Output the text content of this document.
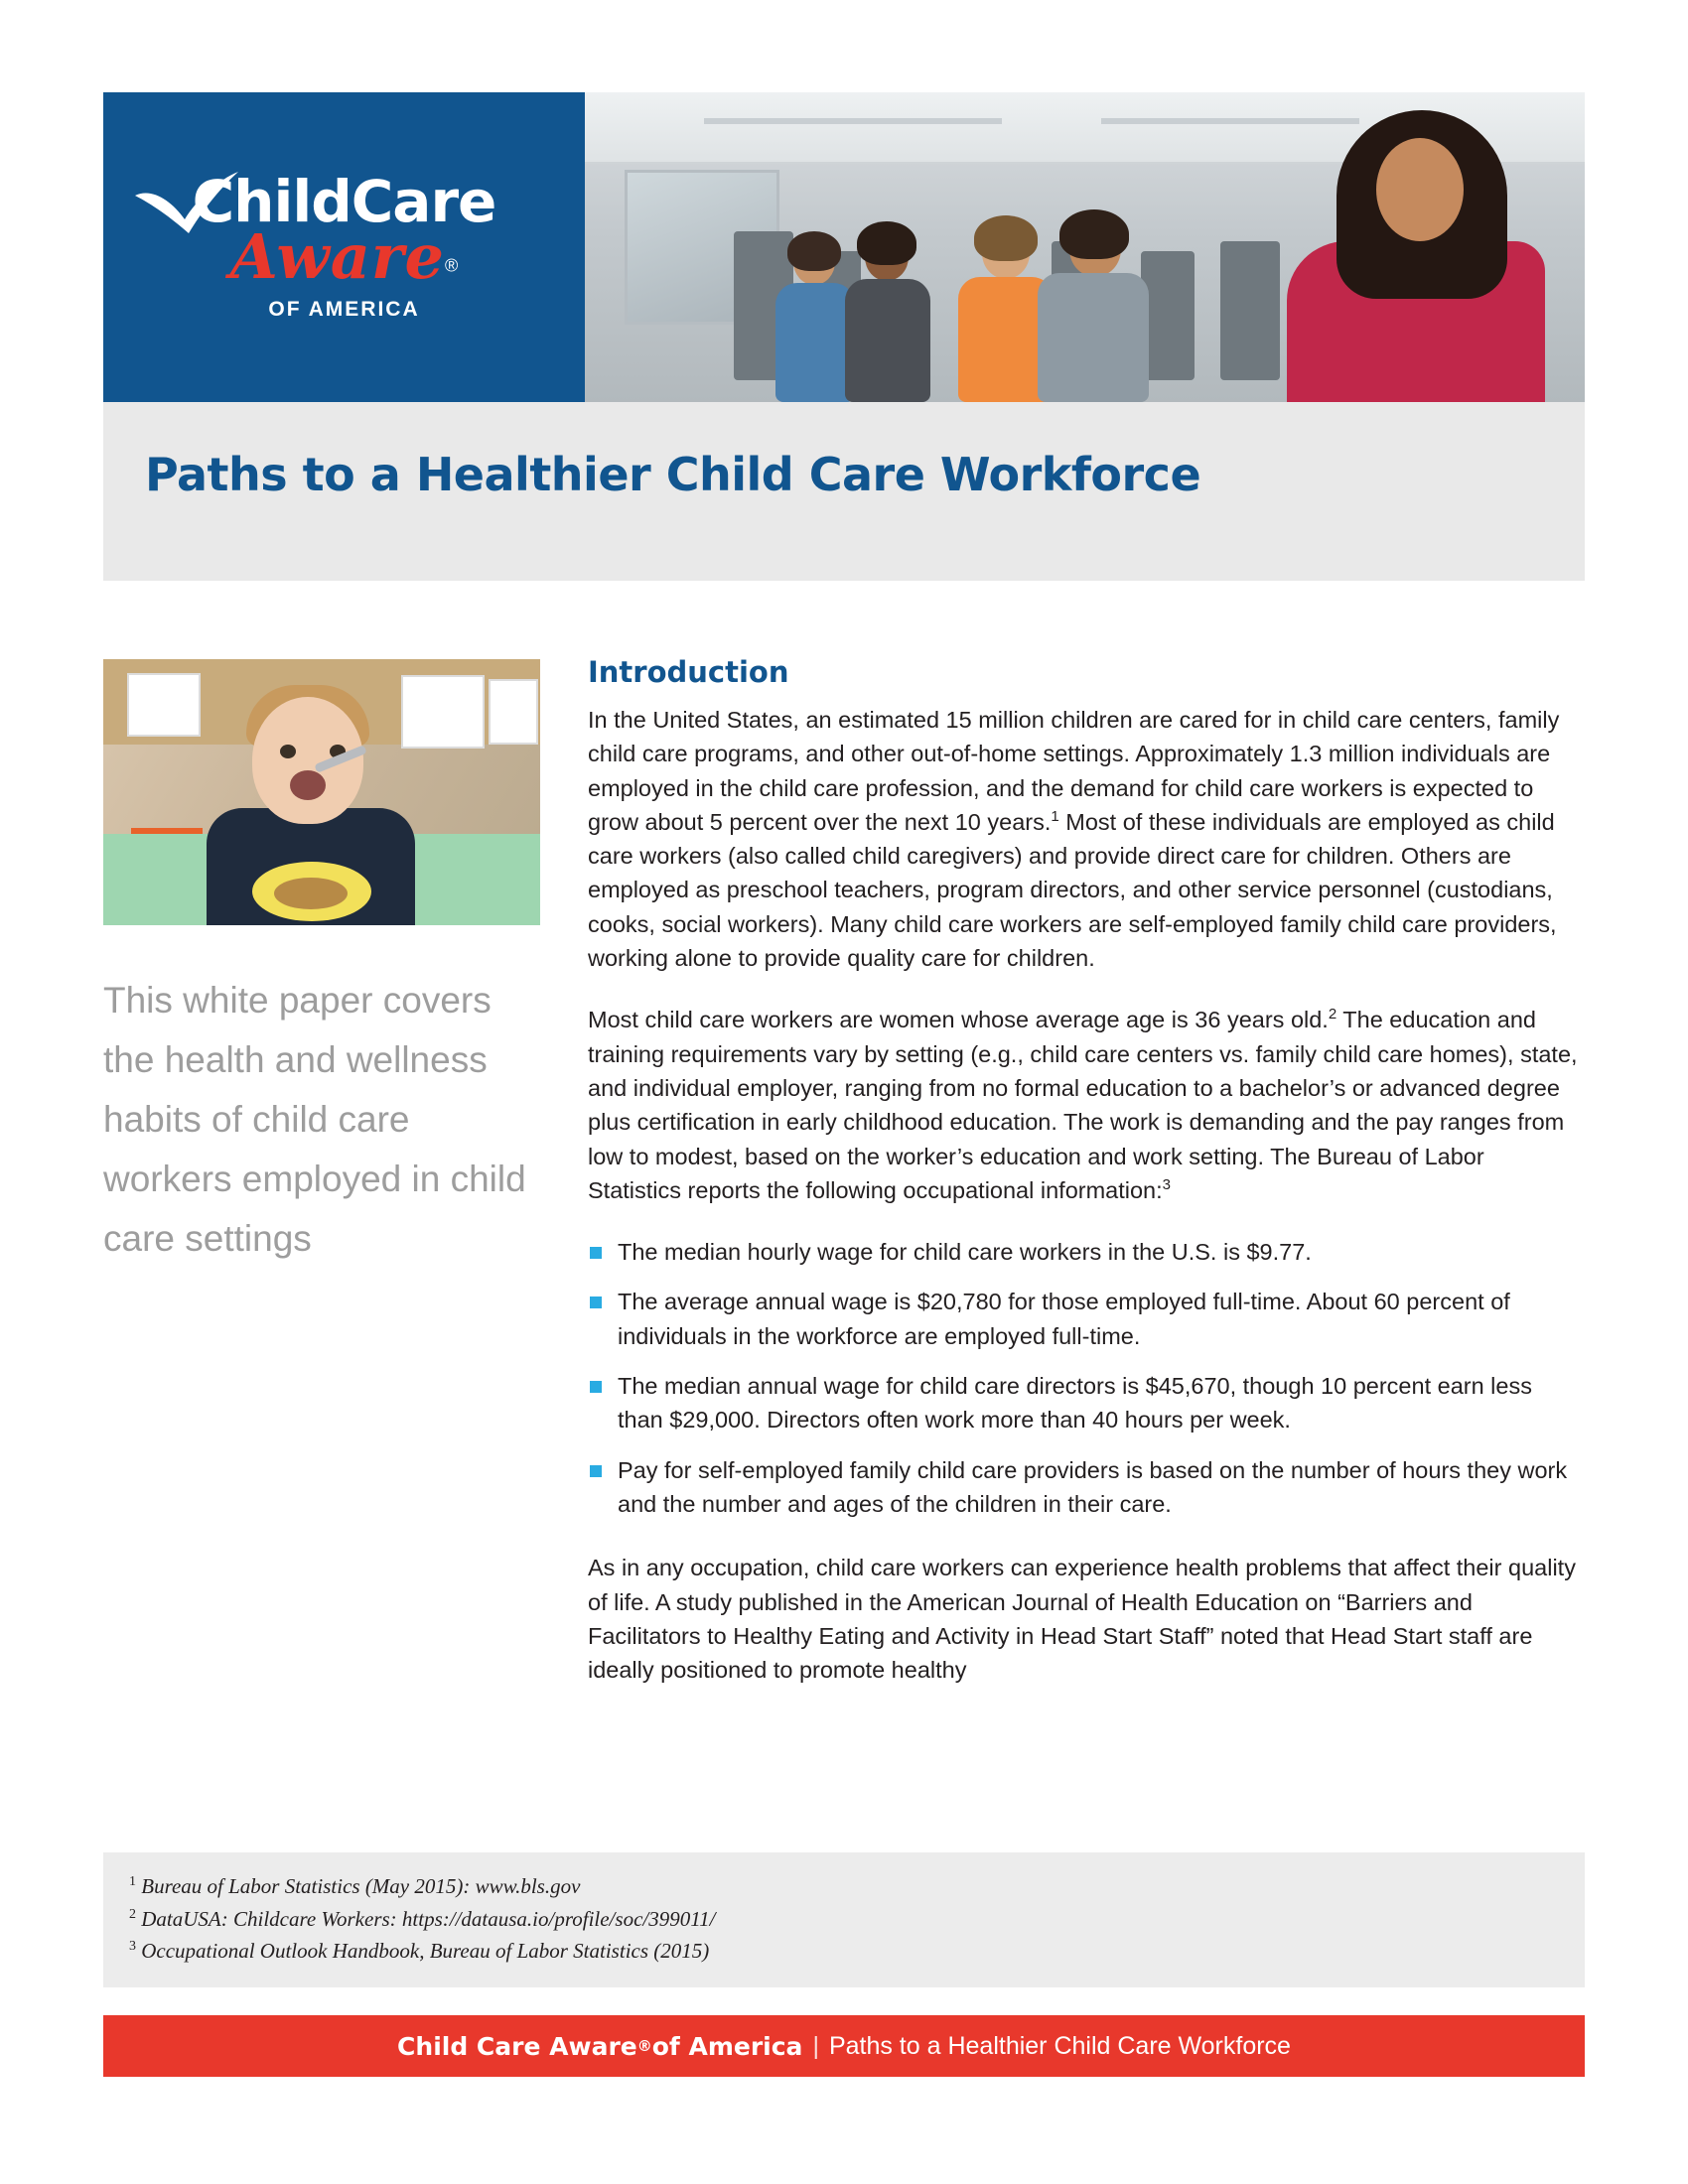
ChildCare
Aware®
OF AMERICA
Paths to a Healthier Child Care Workforce
This white paper covers the health and wellness habits of child care workers employed in child care settings
Introduction

In the United States, an estimated 15 million children are cared for in child care centers, family child care programs, and other out-of-home settings. Approximately 1.3 million individuals are employed in the child care profession, and the demand for child care workers is expected to grow about 5 percent over the next 10 years.$^1$ Most of these individuals are employed as child care workers (also called child caregivers) and provide direct care for children. Others are employed as preschool teachers, program directors, and other service personnel (custodians, cooks, social workers). Many child care workers are self-employed family child care providers, working alone to provide quality care for children.

Most child care workers are women whose average age is 36 years old.$^2$ The education and training requirements vary by setting (e.g., child care centers vs. family child care homes), state, and individual employer, ranging from no formal education to a bachelor’s or advanced degree plus certification in early childhood education. The work is demanding and the pay ranges from low to modest, based on the worker’s education and work setting. The Bureau of Labor Statistics reports the following occupational information:$^3$

The median hourly wage for child care workers in the U.S. is $9.77.
The average annual wage is $20,780 for those employed full-time. About 60 percent of individuals in the workforce are employed full-time.
The median annual wage for child care directors is $45,670, though 10 percent earn less than $29,000. Directors often work more than 40 hours per week.
Pay for self-employed family child care providers is based on the number of hours they work and the number and ages of the children in their care.

As in any occupation, child care workers can experience health problems that affect their quality of life. A study published in the American Journal of Health Education on “Barriers and Facilitators to Healthy Eating and Activity in Head Start Staff” noted that Head Start staff are ideally positioned to promote healthy

$^1$ Bureau of Labor Statistics (May 2015): www.bls.gov
$^2$ DataUSA: Childcare Workers: https://datausa.io/profile/soc/399011/
$^3$ Occupational Outlook Handbook, Bureau of Labor Statistics (2015)
Child Care Aware ® of America | Paths to a Healthier Child Care Workforce
